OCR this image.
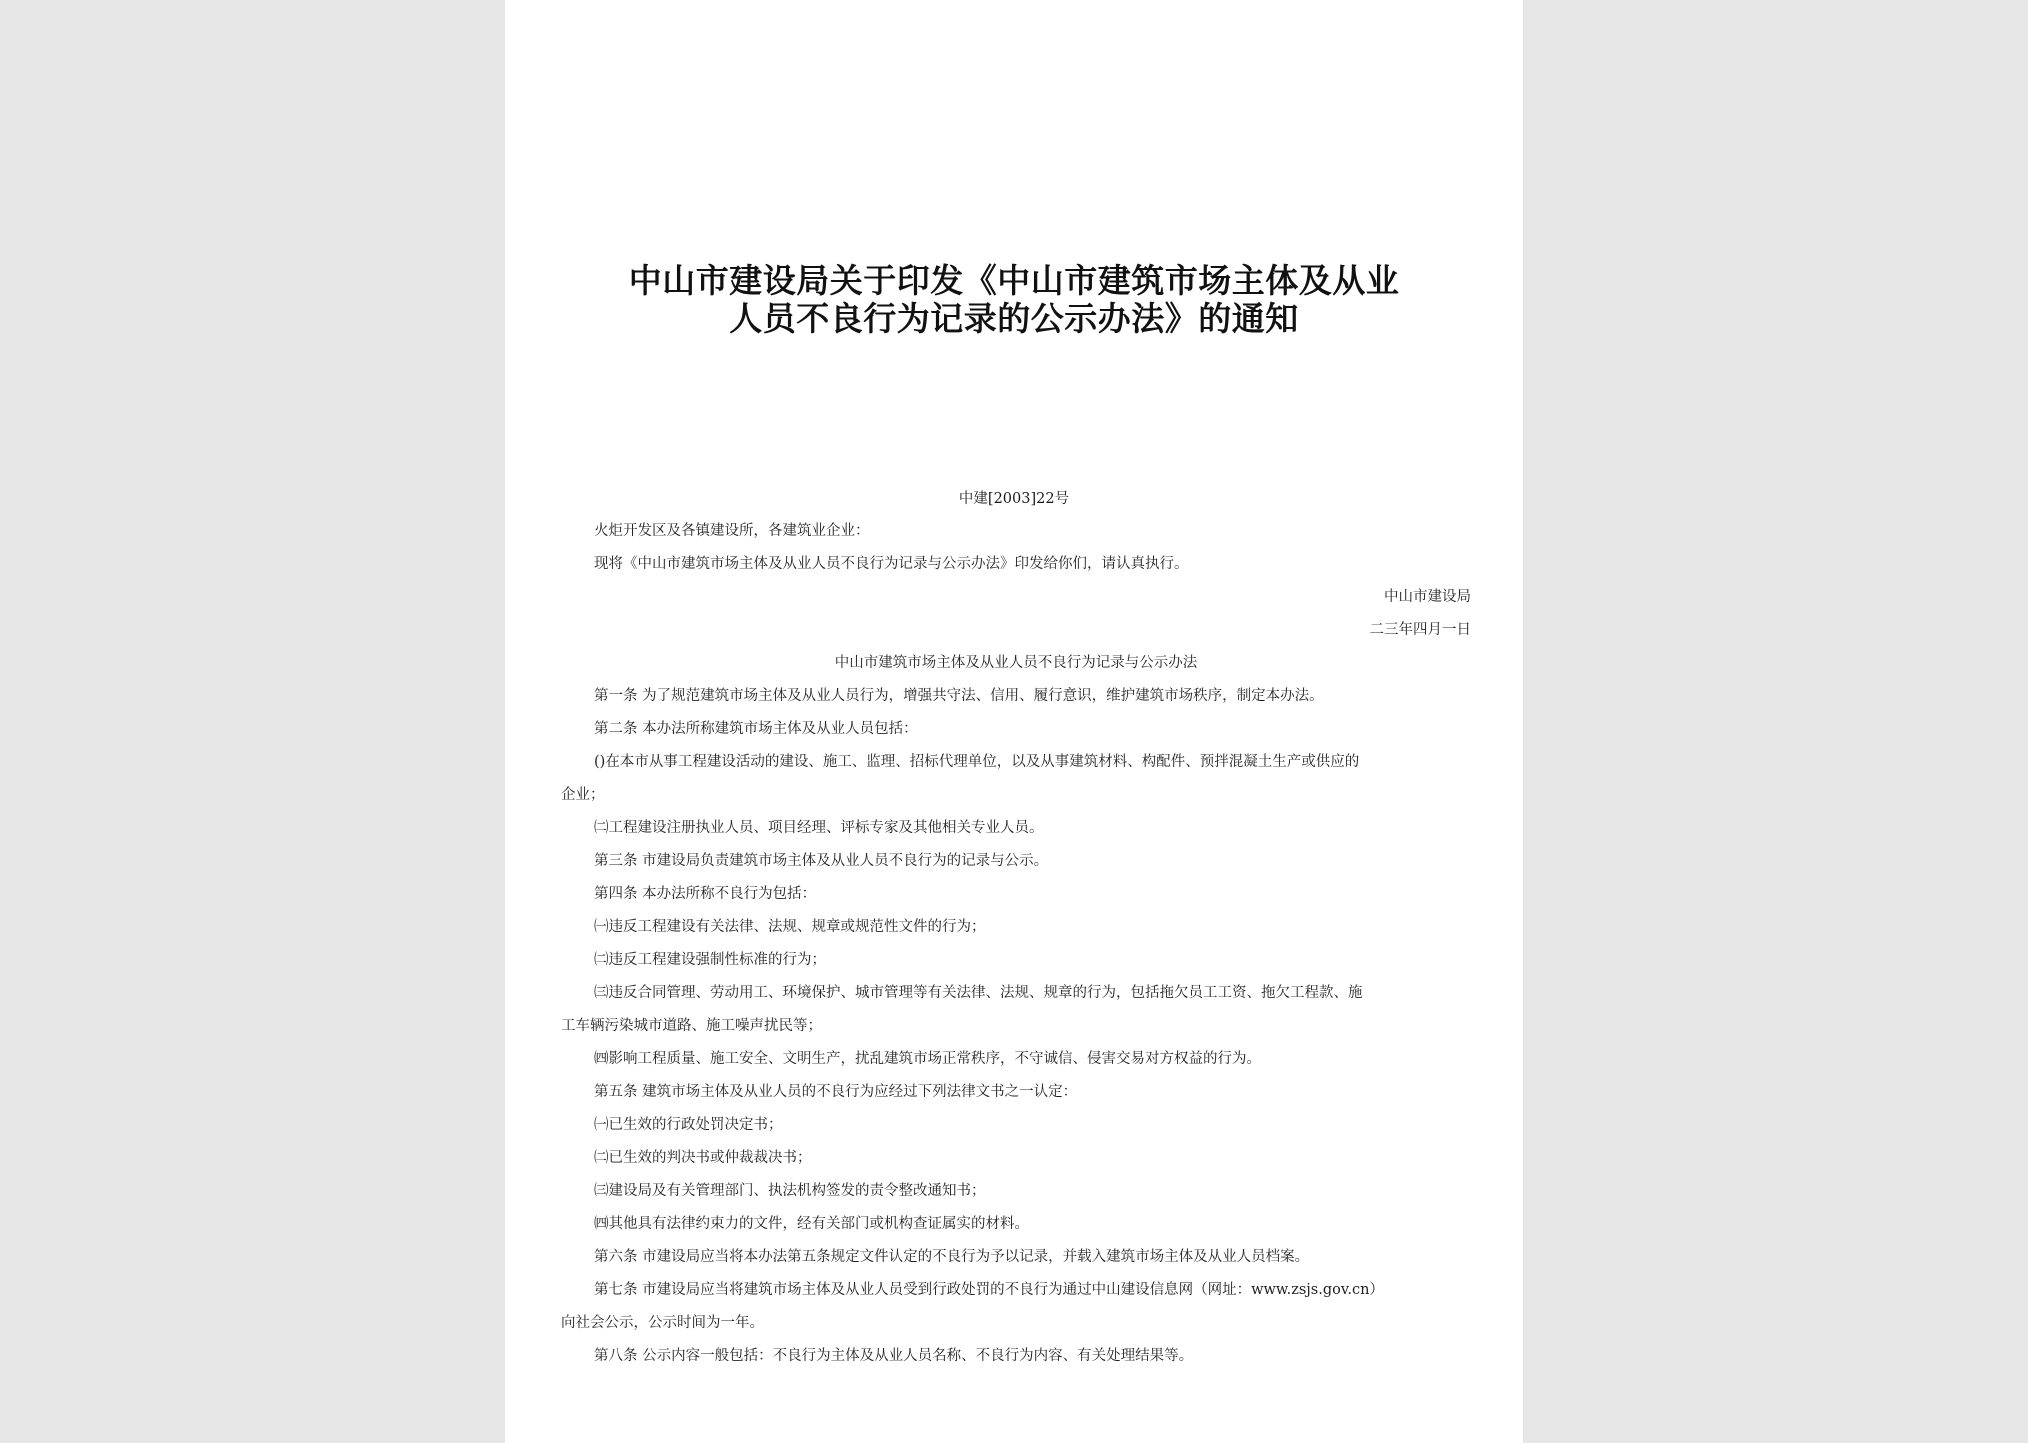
中山市建设局关于印发《中山市建筑市场主体及从业
人员不良行为记录的公示办法》的通知
中建[2003]22号
火炬开发区及各镇建设所，各建筑业企业：
现将《中山市建筑市场主体及从业人员不良行为记录与公示办法》印发给你们，请认真执行。
中山市建设局
二三年四月一日
中山市建筑市场主体及从业人员不良行为记录与公示办法
第一条 为了规范建筑市场主体及从业人员行为，增强共守法、信用、履行意识，维护建筑市场秩序，制定本办法。
第二条 本办法所称建筑市场主体及从业人员包括：
()在本市从事工程建设活动的建设、施工、监理、招标代理单位，以及从事建筑材料、构配件、预拌混凝土生产或供应的
企业；
㈡工程建设注册执业人员、项目经理、评标专家及其他相关专业人员。
第三条 市建设局负责建筑市场主体及从业人员不良行为的记录与公示。
第四条 本办法所称不良行为包括：
㈠违反工程建设有关法律、法规、规章或规范性文件的行为；
㈡违反工程建设强制性标准的行为；
㈢违反合同管理、劳动用工、环境保护、城市管理等有关法律、法规、规章的行为，包括拖欠员工工资、拖欠工程款、施
工车辆污染城市道路、施工噪声扰民等；
㈣影响工程质量、施工安全、文明生产，扰乱建筑市场正常秩序，不守诚信、侵害交易对方权益的行为。
第五条 建筑市场主体及从业人员的不良行为应经过下列法律文书之一认定：
㈠已生效的行政处罚决定书；
㈡已生效的判决书或仲裁裁决书；
㈢建设局及有关管理部门、执法机构签发的责令整改通知书；
㈣其他具有法律约束力的文件，经有关部门或机构查证属实的材料。
第六条 市建设局应当将本办法第五条规定文件认定的不良行为予以记录，并载入建筑市场主体及从业人员档案。
第七条 市建设局应当将建筑市场主体及从业人员受到行政处罚的不良行为通过中山建设信息网（网址：www.zsjs.gov.cn）
向社会公示，公示时间为一年。
第八条 公示内容一般包括：不良行为主体及从业人员名称、不良行为内容、有关处理结果等。
